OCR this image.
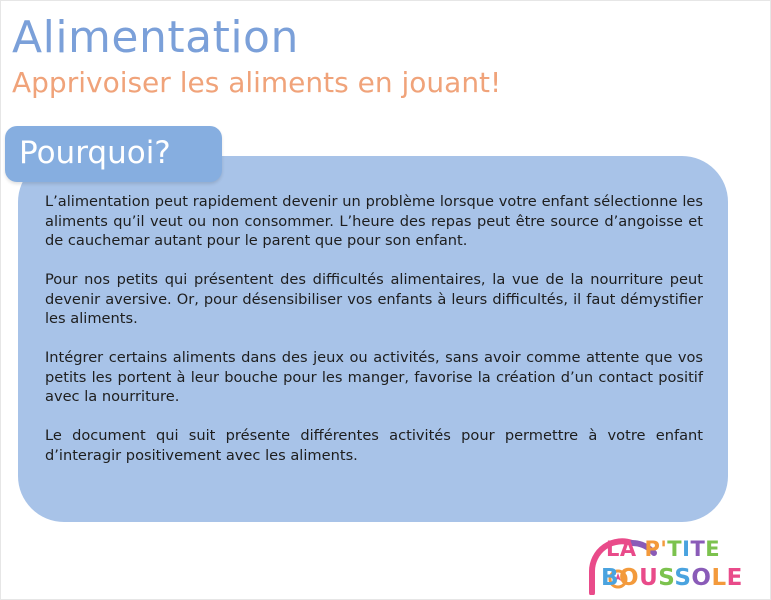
Alimentation
Apprivoiser les aliments en jouant!
Pourquoi?

L’alimentation peut rapidement devenir un problème lorsque votre enfant sélectionne les aliments qu’il veut ou non consommer. L’heure des repas peut être source d’angoisse et de cauchemar autant pour le parent que pour son enfant.

Pour nos petits qui présentent des difficultés alimentaires, la vue de la nourriture peut devenir aversive. Or, pour désensibiliser vos enfants à leurs difficultés, il faut démystifier les aliments.

Intégrer certains aliments dans des jeux ou activités, sans avoir comme attente que vos petits les portent à leur bouche pour les manger, favorise la création d’un contact positif avec la nourriture.

Le document qui suit présente différentes activités pour permettre à votre enfant d’interagir positivement avec les aliments.

LA P'TITE
BOUSSOLE
